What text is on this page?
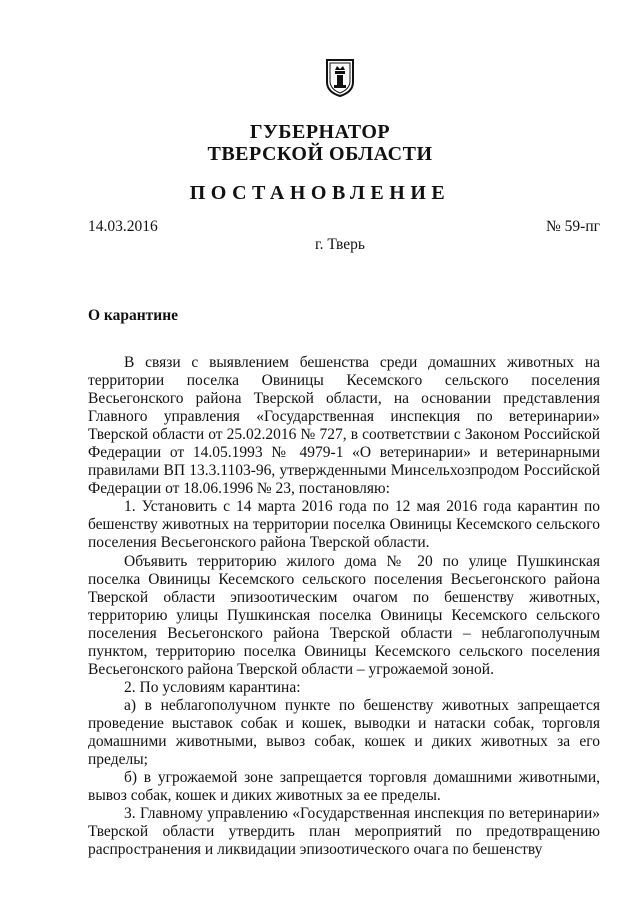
ГУБЕРНАТОР
ТВЕРСКОЙ ОБЛАСТИ
ПОСТАНОВЛЕНИЕ
14.03.2016	№ 59-пг
г. Тверь
О карантине

В связи с выявлением бешенства среди домашних животных на территории поселка Овиницы Кесемского сельского поселения Весьегонского района Тверской области, на основании представления Главного управления «Государственная инспекция по ветеринарии» Тверской области от 25.02.2016 № 727, в соответствии с Законом Российской Федерации от 14.05.1993 № 4979-1 «О ветеринарии» и ветеринарными правилами ВП 13.3.1103-96, утвержденными Минсельхозпродом Российской Федерации от 18.06.1996 № 23, постановляю:

1. Установить с 14 марта 2016 года по 12 мая 2016 года карантин по бешенству животных на территории поселка Овиницы Кесемского сельского поселения Весьегонского района Тверской области.

Объявить территорию жилого дома № 20 по улице Пушкинская поселка Овиницы Кесемского сельского поселения Весьегонского района Тверской области эпизоотическим очагом по бешенству животных, территорию улицы Пушкинская поселка Овиницы Кесемского сельского поселения Весьегонского района Тверской области – неблагополучным пунктом, территорию поселка Овиницы Кесемского сельского поселения Весьегонского района Тверской области – угрожаемой зоной.

2. По условиям карантина:

а) в неблагополучном пункте по бешенству животных запрещается проведение выставок собак и кошек, выводки и натаски собак, торговля домашними животными, вывоз собак, кошек и диких животных за его пределы;

б) в угрожаемой зоне запрещается торговля домашними животными, вывоз собак, кошек и диких животных за ее пределы.

3. Главному управлению «Государственная инспекция по ветеринарии» Тверской области утвердить план мероприятий по предотвращению распространения и ликвидации эпизоотического очага по бешенству
